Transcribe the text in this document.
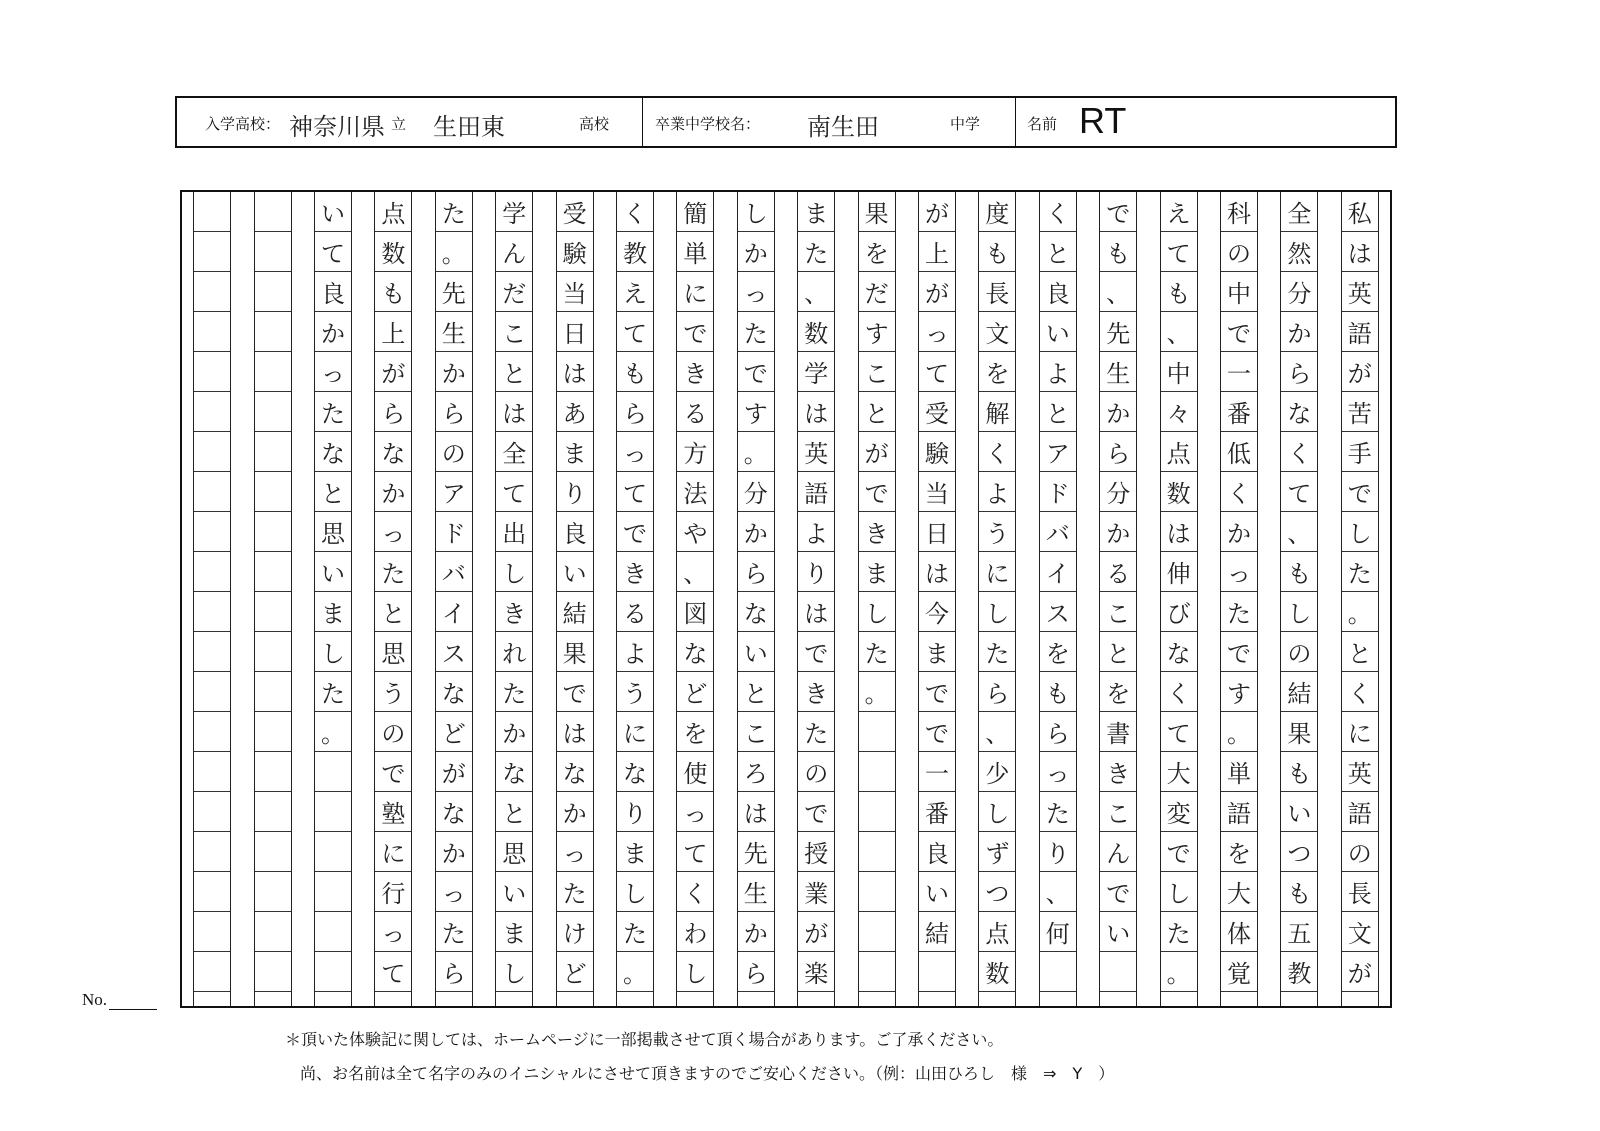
入学高校： 神奈川県 立 生田東	高校	卒業中学校名： 南生田	中学	名前 RT
私
は
英
語
が
苦
手
で
し
た
。
と
く
に
英
語
の
長
文
が
全
然
分
か
ら
な
く
て
、
も
し
の
結
果
も
い
つ
も
五
教
科
の
中
で
一
番
低
く
か
っ
た
で
す
。
単
語
を
大
体
覚
え
て
も
、
中
々
点
数
は
伸
び
な
く
て
大
変
で
し
た
。
で
も
、
先
生
か
ら
分
か
る
こ
と
を
書
き
こ
ん
で
い
く
と
良
い
よ
と
ア
ド
バ
イ
ス
を
も
ら
っ
た
り
、
何
度
も
長
文
を
解
く
よ
う
に
し
た
ら
、
少
し
ず
つ
点
数
が
上
が
っ
て
受
験
当
日
は
今
ま
で
で
一
番
良
い
結
果
を
だ
す
こ
と
が
で
き
ま
し
た
。
ま
た
、
数
学
は
英
語
よ
り
は
で
き
た
の
で
授
業
が
楽
し
か
っ
た
で
す
。
分
か
ら
な
い
と
こ
ろ
は
先
生
か
ら
簡
単
に
で
き
る
方
法
や
、
図
な
ど
を
使
っ
て
く
わ
し
く
教
え
て
も
ら
っ
て
で
き
る
よ
う
に
な
り
ま
し
た
。
受
験
当
日
は
あ
ま
り
良
い
結
果
で
は
な
か
っ
た
け
ど
学
ん
だ
こ
と
は
全
て
出
し
き
れ
た
か
な
と
思
い
ま
し
た
。
先
生
か
ら
の
ア
ド
バ
イ
ス
な
ど
が
な
か
っ
た
ら
点
数
も
上
が
ら
な
か
っ
た
と
思
う
の
で
塾
に
行
っ
て
い
て
良
か
っ
た
な
と
思
い
ま
し
た
。
No.
＊頂いた体験記に関しては、ホームページに一部掲載させて頂く場合があります。ご了承ください。
尚、お名前は全て名字のみのイニシャルにさせて頂きますのでご安心ください。（例：山田ひろし　様　⇒　Y　）
